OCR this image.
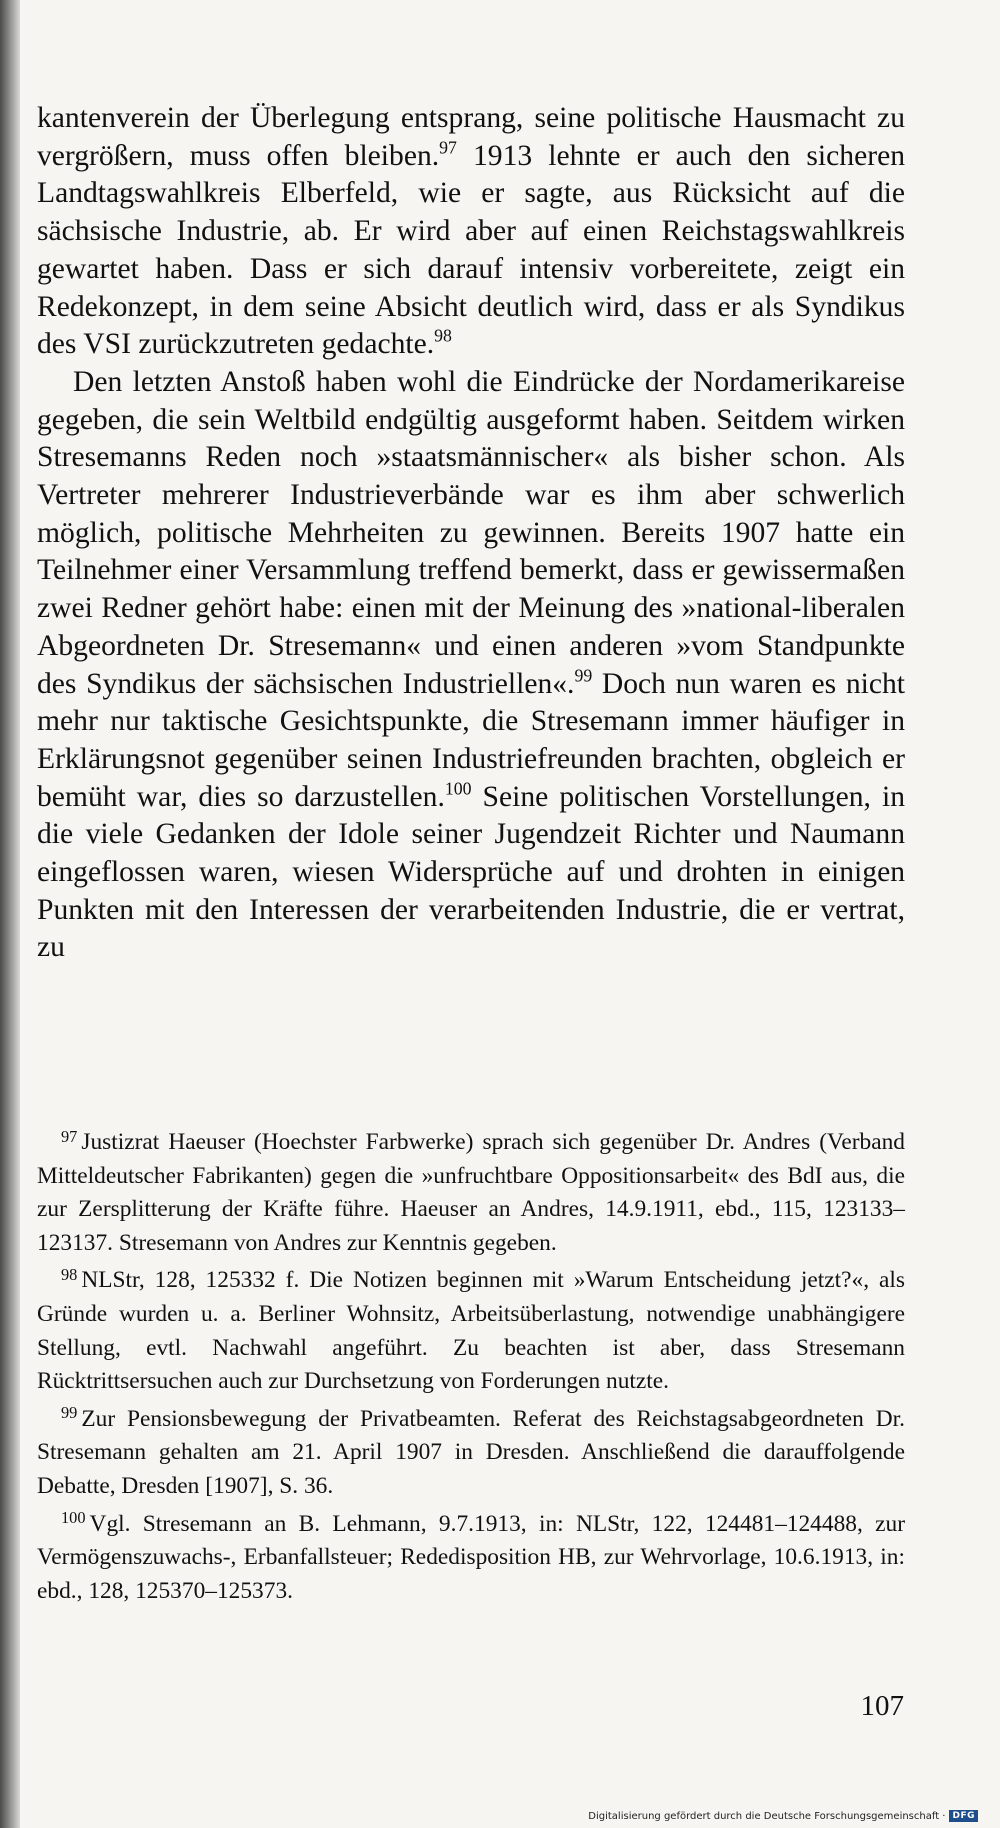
kantenverein der Überlegung entsprang, seine politische Hausmacht zu vergrößern, muss offen bleiben.$^{97}$ 1913 lehnte er auch den sicheren Landtagswahlkreis Elberfeld, wie er sagte, aus Rücksicht auf die sächsische Industrie, ab. Er wird aber auf einen Reichstagswahlkreis gewartet haben. Dass er sich darauf intensiv vorbereitete, zeigt ein Redekonzept, in dem seine Absicht deutlich wird, dass er als Syndikus des VSI zurückzutreten gedachte.$^{98}$

Den letzten Anstoß haben wohl die Eindrücke der Nordamerikareise gegeben, die sein Weltbild endgültig ausgeformt haben. Seitdem wirken Stresemanns Reden noch »staatsmännischer« als bisher schon. Als Vertreter mehrerer Industrieverbände war es ihm aber schwerlich möglich, politische Mehrheiten zu gewinnen. Bereits 1907 hatte ein Teilnehmer einer Versammlung treffend bemerkt, dass er gewissermaßen zwei Redner gehört habe: einen mit der Meinung des »national-liberalen Abgeordneten Dr. Stresemann« und einen anderen »vom Standpunkte des Syndikus der sächsischen Industriellen«.$^{99}$ Doch nun waren es nicht mehr nur taktische Gesichtspunkte, die Stresemann immer häufiger in Erklärungsnot gegenüber seinen Industriefreunden brachten, obgleich er bemüht war, dies so darzustellen.$^{100}$ Seine politischen Vorstellungen, in die viele Gedanken der Idole seiner Jugendzeit Richter und Naumann eingeflossen waren, wiesen Widersprüche auf und drohten in einigen Punkten mit den Interessen der verarbeitenden Industrie, die er vertrat, zu

$^{97}$ Justizrat Haeuser (Hoechster Farbwerke) sprach sich gegenüber Dr. Andres (Verband Mitteldeutscher Fabrikanten) gegen die »unfruchtbare Oppositionsarbeit« des BdI aus, die zur Zersplitterung der Kräfte führe. Haeuser an Andres, 14.9.1911, ebd., 115, 123133–123137. Stresemann von Andres zur Kenntnis gegeben.

$^{98}$ NLStr, 128, 125332 f. Die Notizen beginnen mit »Warum Entscheidung jetzt?«, als Gründe wurden u. a. Berliner Wohnsitz, Arbeitsüberlastung, notwendige unabhängigere Stellung, evtl. Nachwahl angeführt. Zu beachten ist aber, dass Stresemann Rücktrittsersuchen auch zur Durchsetzung von Forderungen nutzte.

$^{99}$ Zur Pensionsbewegung der Privatbeamten. Referat des Reichstagsabgeordneten Dr. Stresemann gehalten am 21. April 1907 in Dresden. Anschließend die darauffolgende Debatte, Dresden [1907], S. 36.

$^{100}$ Vgl. Stresemann an B. Lehmann, 9.7.1913, in: NLStr, 122, 124481–124488, zur Vermögenszuwachs-, Erbanfallsteuer; Rededisposition HB, zur Wehrvorlage, 10.6.1913, in: ebd., 128, 125370–125373.

107
Digitalisierung gefördert durch die Deutsche Forschungsgemeinschaft · DFG
